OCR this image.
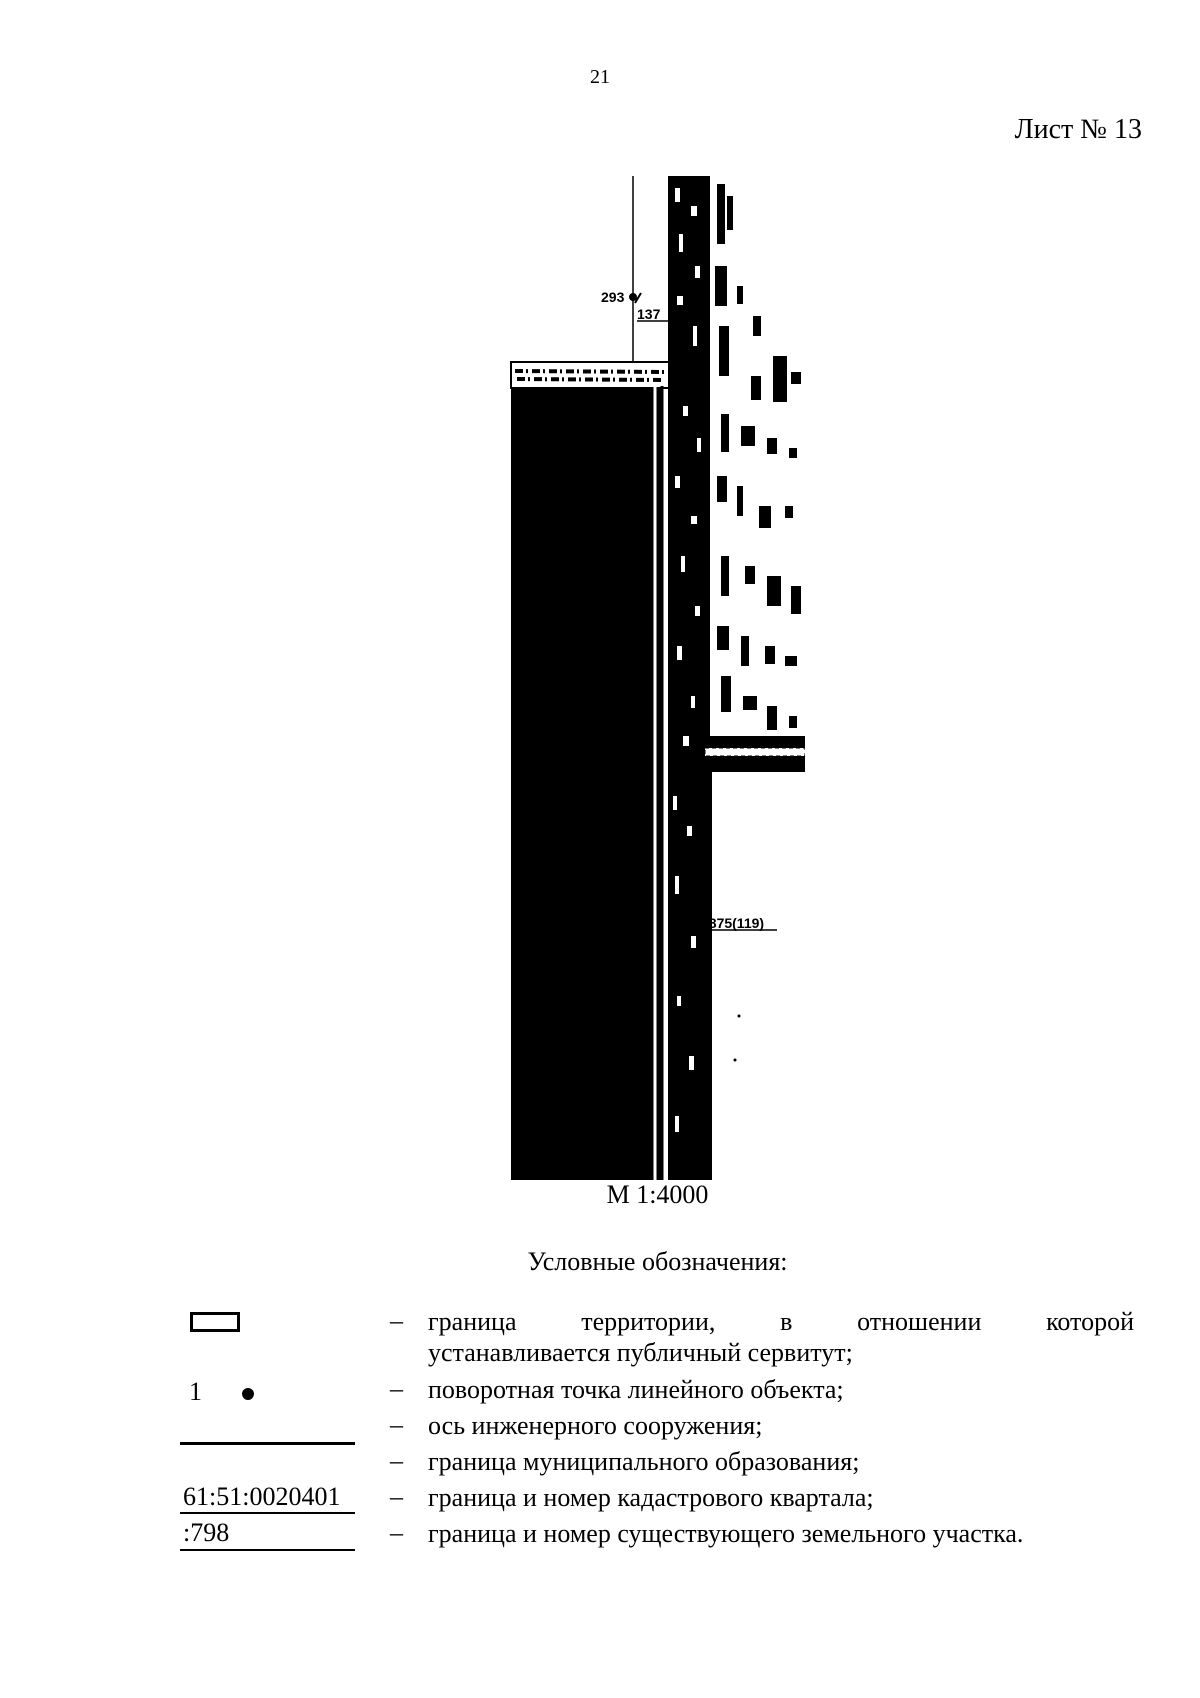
21
Лист № 13
293
137
8875(119)
М 1:4000
Условные обозначения:
– граница территории, в отношении которой
устанавливается публичный сервитут;
1	– поворотная точка линейного объекта;
– ось инженерного сооружения;
– граница муниципального образования;
61:51:0020401 – граница и номер кадастрового квартала;
:798	– граница и номер существующего земельного участка.
